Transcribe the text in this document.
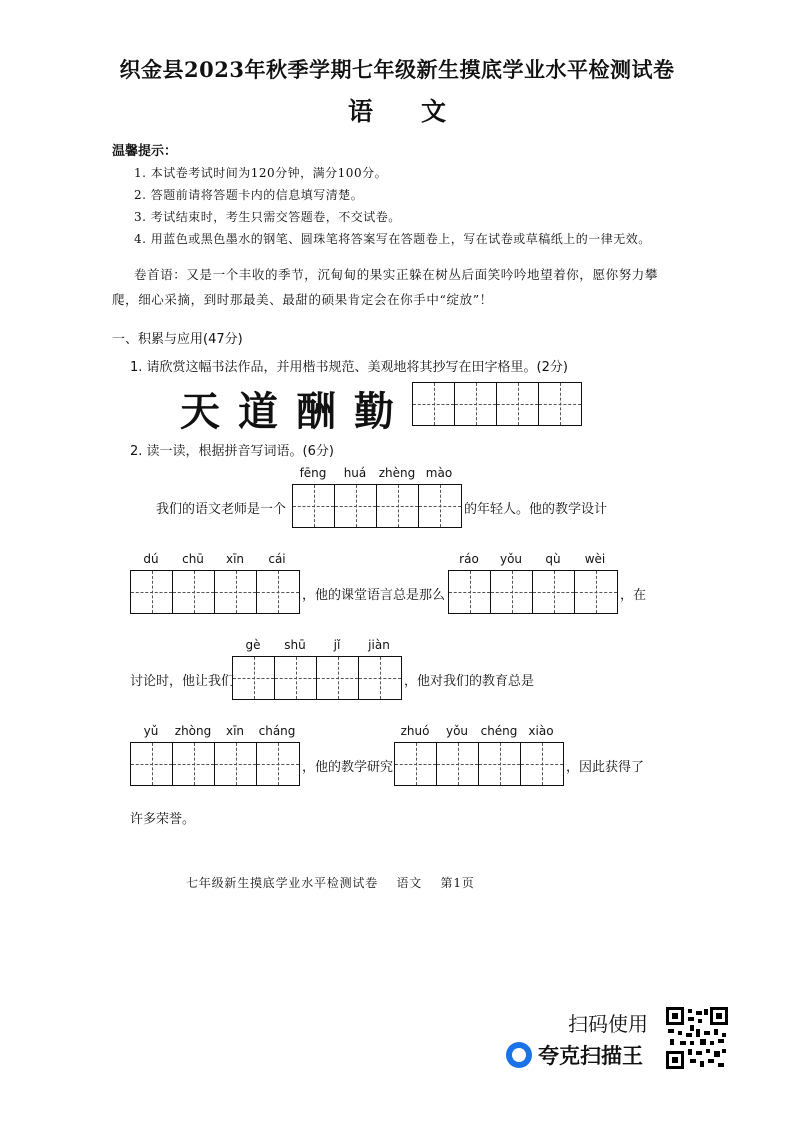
织金县2023年秋季学期七年级新生摸底学业水平检测试卷
语文
温馨提示：
1. 本试卷考试时间为120分钟，满分100分。
2. 答题前请将答题卡内的信息填写清楚。
3. 考试结束时，考生只需交答题卷，不交试卷。
4. 用蓝色或黑色墨水的钢笔、圆珠笔将答案写在答题卷上，写在试卷或草稿纸上的一律无效。
卷首语：又是一个丰收的季节，沉甸甸的果实正躲在树丛后面笑吟吟地望着你，愿你努力攀爬，细心采摘，到时那最美、最甜的硕果肯定会在你手中“绽放”！
一、积累与应用(47分)
1. 请欣赏这幅书法作品，并用楷书规范、美观地将其抄写在田字格里。(2分)
天 道 酬 勤
2. 读一读，根据拼音写词语。(6分)
fēng	huá	zhèng mào
我们的语文老师是一个	的年轻人。他的教学设计
dú	chū	xīn	cái
，他的课堂语言总是那么
ráo	yǒu	qù	wèi
，在
gè	shū	jǐ	jiàn
讨论时，他让我们	，他对我们的教育总是
yǔ	zhòng	xīn	cháng
，他的教学研究
zhuó	yǒu	chéng xiào
，因此获得了
许多荣誉。
七年级新生摸底学业水平检测试卷    语文    第1页
扫码使用
夸克扫描王
